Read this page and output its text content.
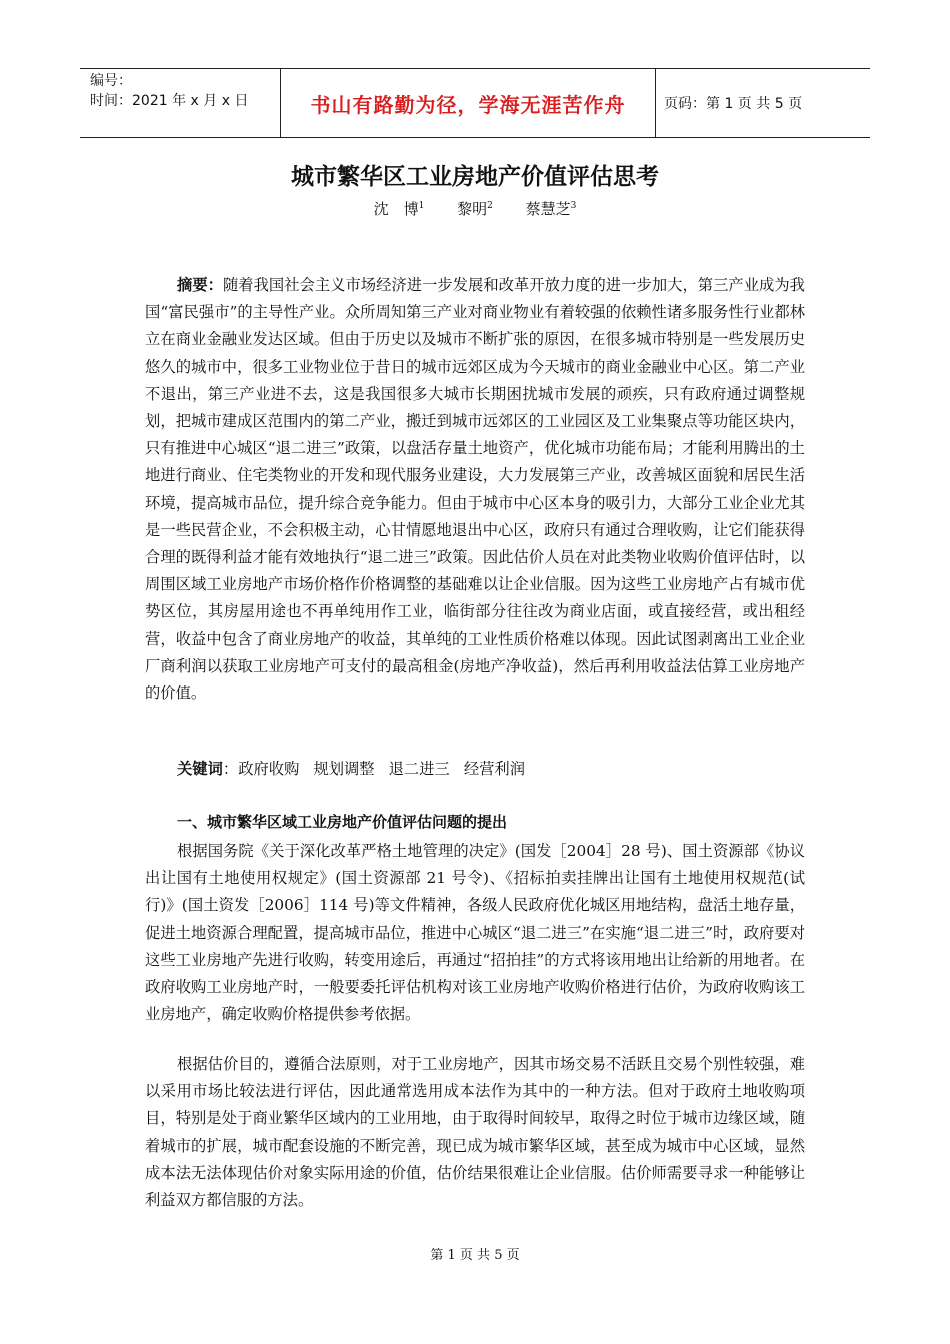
编号：
时间：2021 年 x 月 x 日	书山有路勤为径，学海无涯苦作舟	页码：第 1 页 共 5 页
城市繁华区工业房地产价值评估思考
沈　博$^1$ 黎明$^2$ 蔡慧芝$^3$
摘要：随着我国社会主义市场经济进一步发展和改革开放力度的进一步加大，第三产业成为我国“富民强市”的主导性产业。众所周知第三产业对商业物业有着较强的依赖性诸多服务性行业都林立在商业金融业发达区域。但由于历史以及城市不断扩张的原因，在很多城市特别是一些发展历史悠久的城市中，很多工业物业位于昔日的城市远郊区成为今天城市的商业金融业中心区。第二产业不退出，第三产业进不去，这是我国很多大城市长期困扰城市发展的顽疾，只有政府通过调整规划，把城市建成区范围内的第二产业，搬迁到城市远郊区的工业园区及工业集聚点等功能区块内，只有推进中心城区“退二进三”政策，以盘活存量土地资产，优化城市功能布局；才能利用腾出的土地进行商业、住宅类物业的开发和现代服务业建设，大力发展第三产业，改善城区面貌和居民生活环境，提高城市品位，提升综合竞争能力。但由于城市中心区本身的吸引力，大部分工业企业尤其是一些民营企业，不会积极主动，心甘情愿地退出中心区，政府只有通过合理收购，让它们能获得合理的既得利益才能有效地执行“退二进三”政策。因此估价人员在对此类物业收购价值评估时，以周围区域工业房地产市场价格作价格调整的基础难以让企业信服。因为这些工业房地产占有城市优势区位，其房屋用途也不再单纯用作工业，临街部分往往改为商业店面，或直接经营，或出租经营，收益中包含了商业房地产的收益，其单纯的工业性质价格难以体现。因此试图剥离出工业企业厂商利润以获取工业房地产可支付的最高租金(房地产净收益)，然后再利用收益法估算工业房地产的价值。
关键词：政府收购 规划调整 退二进三 经营利润
一、城市繁华区域工业房地产价值评估问题的提出
根据国务院《关于深化改革严格土地管理的决定》(国发［2004］28 号)、国土资源部《协议出让国有土地使用权规定》(国土资源部 21 号令)、《招标拍卖挂牌出让国有土地使用权规范(试行)》(国土资发［2006］114 号)等文件精神，各级人民政府优化城区用地结构，盘活土地存量，促进土地资源合理配置，提高城市品位，推进中心城区“退二进三”在实施“退二进三”时，政府要对这些工业房地产先进行收购，转变用途后，再通过“招拍挂”的方式将该用地出让给新的用地者。在政府收购工业房地产时，一般要委托评估机构对该工业房地产收购价格进行估价，为政府收购该工业房地产，确定收购价格提供参考依据。
根据估价目的，遵循合法原则，对于工业房地产，因其市场交易不活跃且交易个别性较强，难以采用市场比较法进行评估，因此通常选用成本法作为其中的一种方法。但对于政府土地收购项目，特别是处于商业繁华区域内的工业用地，由于取得时间较早，取得之时位于城市边缘区域，随着城市的扩展，城市配套设施的不断完善，现已成为城市繁华区域，甚至成为城市中心区域，显然成本法无法体现估价对象实际用途的价值，估价结果很难让企业信服。估价师需要寻求一种能够让利益双方都信服的方法。
第 1 页 共 5 页
